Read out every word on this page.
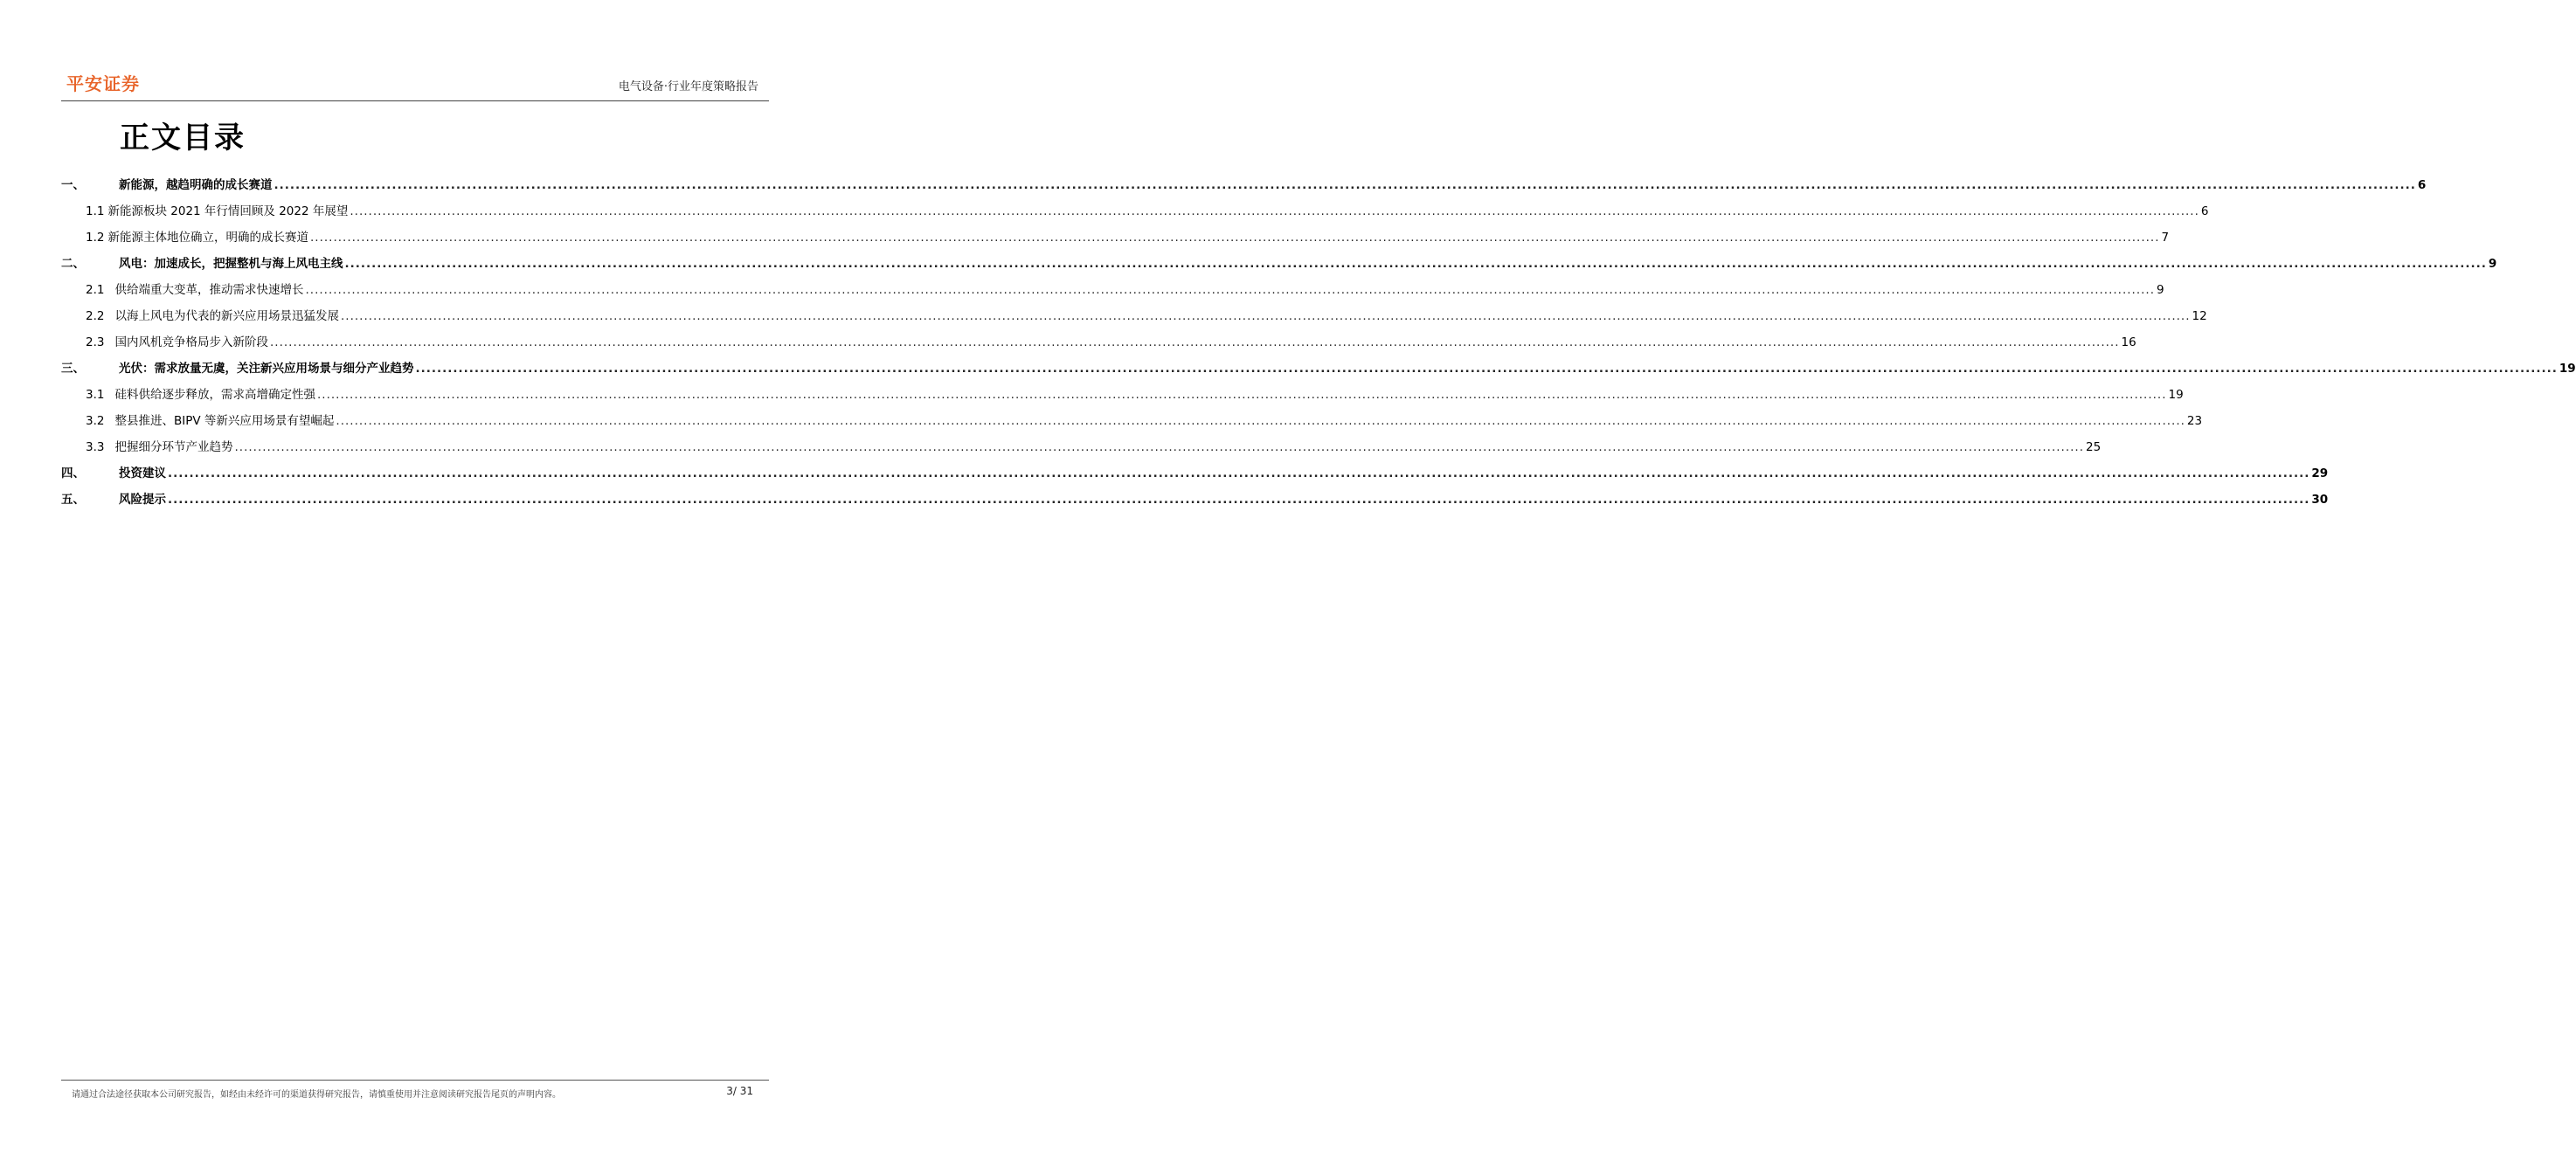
平安证券	电气设备·行业年度策略报告
正文目录
一、	新能源，越趋明确的成长赛道 ................................................................................................................................................................................................................................................................................................................................................................................................................ 6
1.1 新能源板块 2021 年行情回顾及 2022 年展望 ................................................................................................................................................................................................................................................................................................................................................................................................................ 6
1.2 新能源主体地位确立，明确的成长赛道 ................................................................................................................................................................................................................................................................................................................................................................................................................ 7
二、	风电：加速成长，把握整机与海上风电主线 ................................................................................................................................................................................................................................................................................................................................................................................................................ 9
2.1 供给端重大变革，推动需求快速增长 ................................................................................................................................................................................................................................................................................................................................................................................................................ 9
2.2 以海上风电为代表的新兴应用场景迅猛发展 ................................................................................................................................................................................................................................................................................................................................................................................................................ 12
2.3 国内风机竞争格局步入新阶段 ................................................................................................................................................................................................................................................................................................................................................................................................................ 16
三、	光伏：需求放量无虞，关注新兴应用场景与细分产业趋势 ................................................................................................................................................................................................................................................................................................................................................................................................................ 19
3.1 硅料供给逐步释放，需求高增确定性强 ................................................................................................................................................................................................................................................................................................................................................................................................................ 19
3.2 整县推进、BIPV 等新兴应用场景有望崛起 ................................................................................................................................................................................................................................................................................................................................................................................................................ 23
3.3 把握细分环节产业趋势 ................................................................................................................................................................................................................................................................................................................................................................................................................ 25
四、	投资建议 ................................................................................................................................................................................................................................................................................................................................................................................................................ 29
五、	风险提示 ................................................................................................................................................................................................................................................................................................................................................................................................................ 30
请通过合法途径获取本公司研究报告，如经由未经许可的渠道获得研究报告，请慎重使用并注意阅读研究报告尾页的声明内容。	3/ 31
